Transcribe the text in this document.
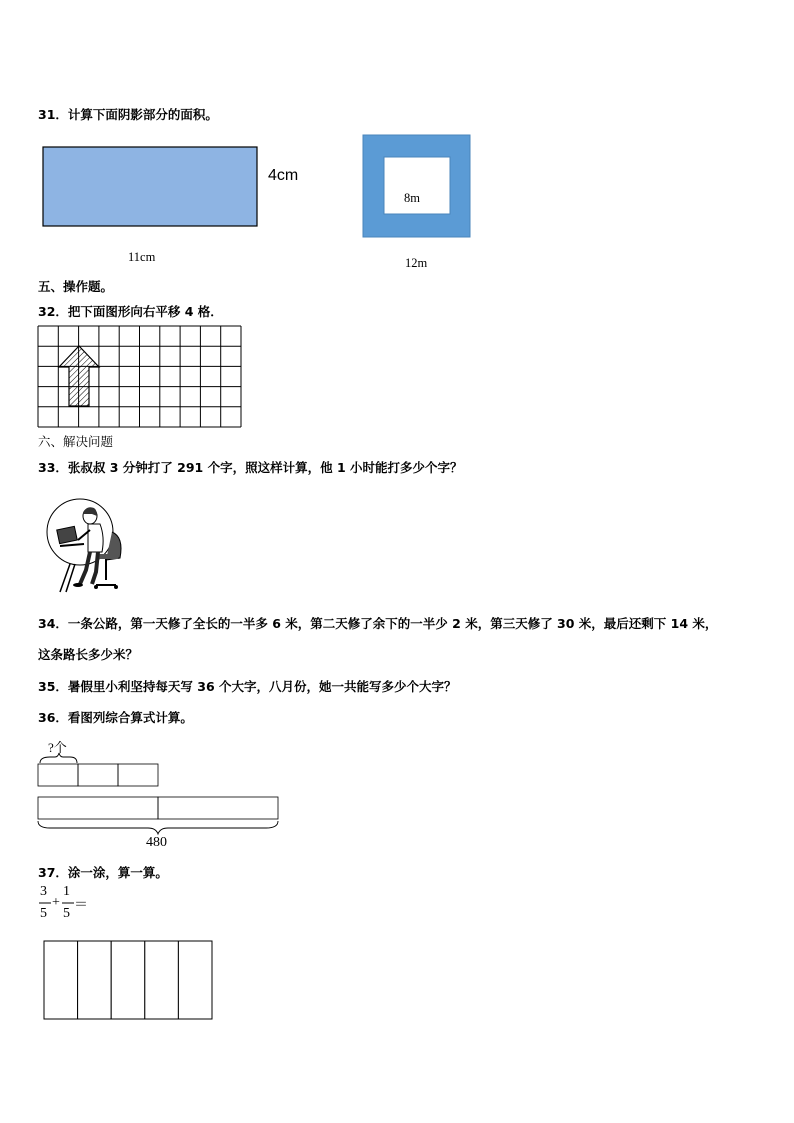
31．计算下面阴影部分的面积。
4cm
11cm
8m
12m
五、操作题。
32．把下面图形向右平移 4 格．
六、解决问题
33．张叔叔 3 分钟打了 291 个字，照这样计算，他 1 小时能打多少个字？
34．一条公路，第一天修了全长的一半多 6 米，第二天修了余下的一半少 2 米，第三天修了 30 米，最后还剩下 14 米，
这条路长多少米？
35．暑假里小利坚持每天写 36 个大字，八月份，她一共能写多少个大字？
36．看图列综合算式计算。
?个
480
37．涂一涂，算一算。
3
5
+
1
5
＝
